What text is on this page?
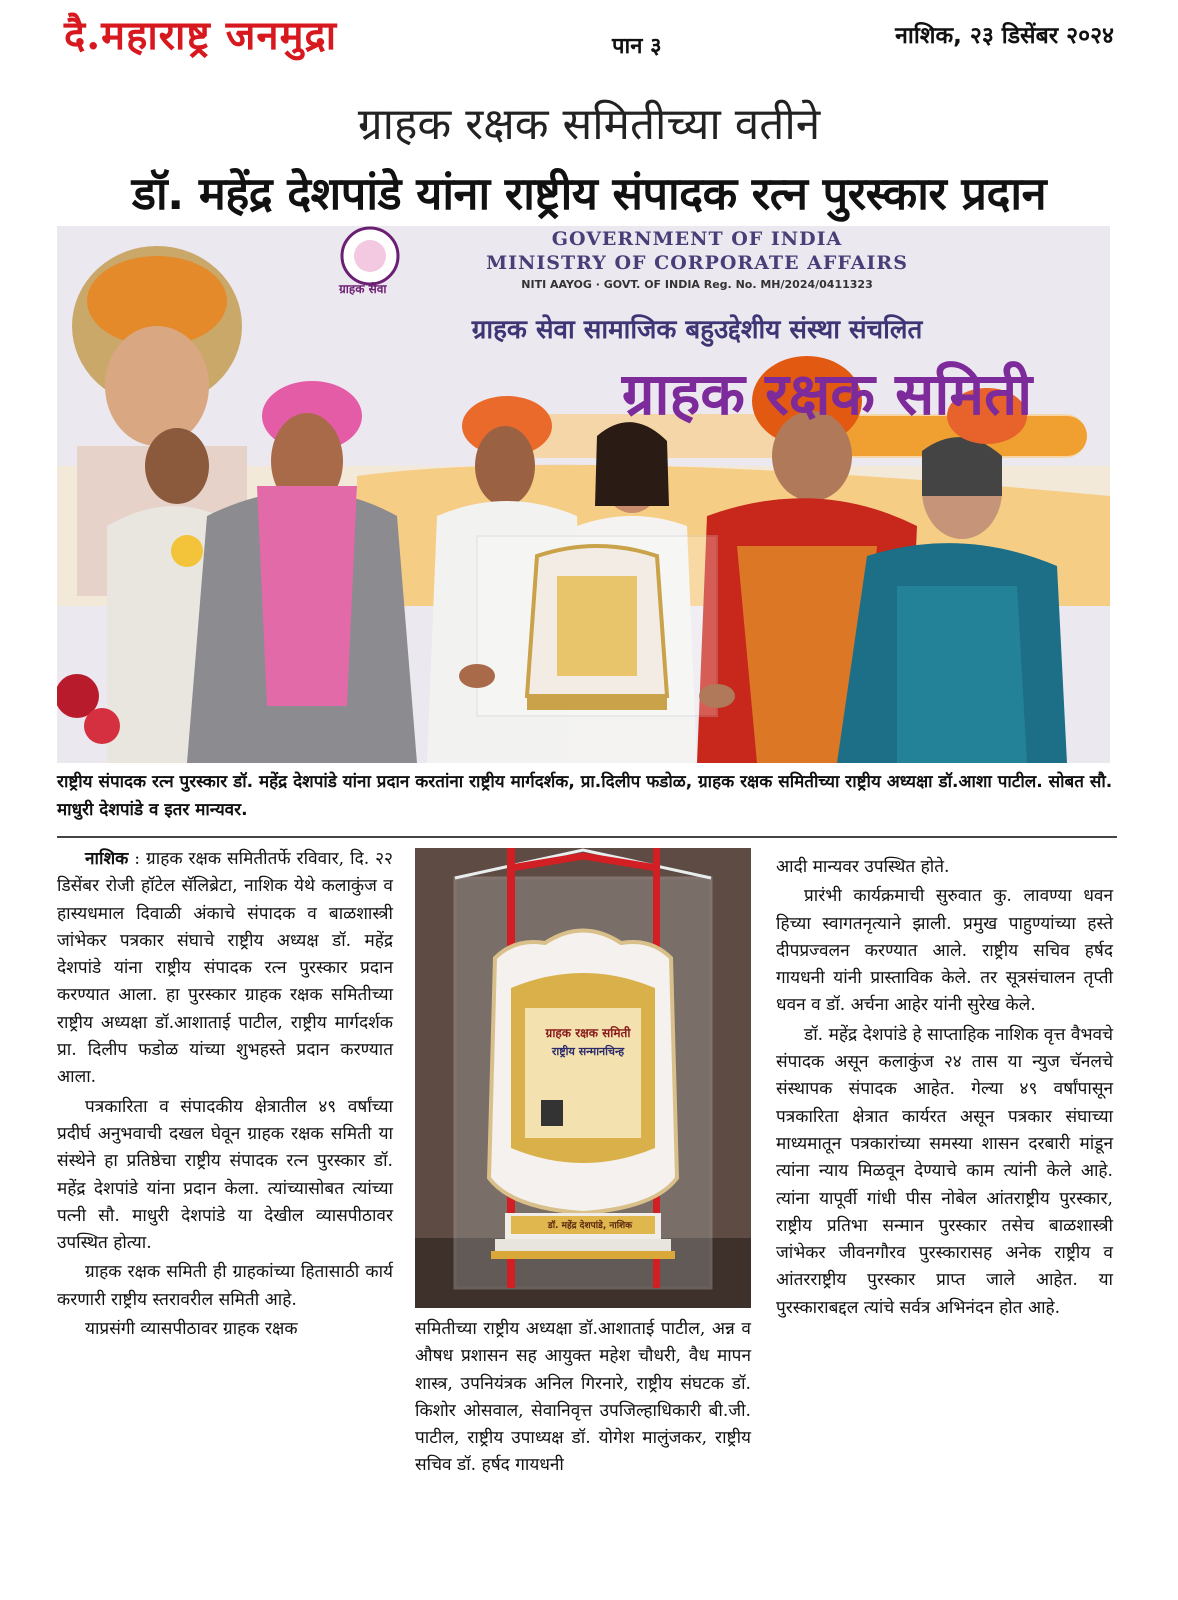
दै.महाराष्ट्र जनमुद्रा	पान ३	नाशिक, २३ डिसेंबर २०२४
ग्राहक रक्षक समितीच्या वतीने
डॉ. महेंद्र देशपांडे यांना राष्ट्रीय संपादक रत्न पुरस्कार प्रदान
GOVERNMENT OF INDIA
MINISTRY OF CORPORATE AFFAIRS
NITI AAYOG · GOVT. OF INDIA Reg. No. MH/2024/0411323
ग्राहक सेवा सामाजिक बहुउद्देशीय संस्था संचलित
ग्राहक रक्षक समिती
ग्राहक सेवा

राष्ट्रीय संपादक रत्न पुरस्कार डॉ. महेंद्र देशपांडे यांना प्रदान करतांना राष्ट्रीय मार्गदर्शक, प्रा.दिलीप फडोळ, ग्राहक रक्षक समितीच्या राष्ट्रीय अध्यक्षा डॉ.आशा पाटील. सोबत सौ. माधुरी देशपांडे व इतर मान्यवर.

नाशिक : ग्राहक रक्षक समितीतर्फे रविवार, दि. २२ डिसेंबर रोजी हॉटेल सॅलिब्रेटा, नाशिक येथे कलाकुंज व हास्यधमाल दिवाळी अंकाचे संपादक व बाळशास्त्री जांभेकर पत्रकार संघाचे राष्ट्रीय अध्यक्ष डॉ. महेंद्र देशपांडे यांना राष्ट्रीय संपादक रत्न पुरस्कार प्रदान करण्यात आला. हा पुरस्कार ग्राहक रक्षक समितीच्या राष्ट्रीय अध्यक्षा डॉ.आशाताई पाटील, राष्ट्रीय मार्गदर्शक प्रा. दिलीप फडोळ यांच्या शुभहस्ते प्रदान करण्यात आला.

पत्रकारिता व संपादकीय क्षेत्रातील ४९ वर्षांच्या प्रदीर्घ अनुभवाची दखल घेवून ग्राहक रक्षक समिती या संस्थेने हा प्रतिष्ठेचा राष्ट्रीय संपादक रत्न पुरस्कार डॉ. महेंद्र देशपांडे यांना प्रदान केला. त्यांच्यासोबत त्यांच्या पत्नी सौ. माधुरी देशपांडे या देखील व्यासपीठावर उपस्थित होत्या.

ग्राहक रक्षक समिती ही ग्राहकांच्या हितासाठी कार्य करणारी राष्ट्रीय स्तरावरील समिती आहे.

याप्रसंगी व्यासपीठावर ग्राहक रक्षक

ग्राहक रक्षक समिती
राष्ट्रीय सन्मानचिन्ह
डॉ. महेंद्र देशपांडे, नाशिक

समितीच्या राष्ट्रीय अध्यक्षा डॉ.आशाताई पाटील, अन्न व औषध प्रशासन सह आयुक्त महेश चौधरी, वैध मापन शास्त्र, उपनियंत्रक अनिल गिरनारे, राष्ट्रीय संघटक डॉ. किशोर ओसवाल, सेवानिवृत्त उपजिल्हाधिकारी बी.जी. पाटील, राष्ट्रीय उपाध्यक्ष डॉ. योगेश मालुंजकर, राष्ट्रीय सचिव डॉ. हर्षद गायधनी

आदी मान्यवर उपस्थित होते.

प्रारंभी कार्यक्रमाची सुरुवात कु. लावण्या धवन हिच्या स्वागतनृत्याने झाली. प्रमुख पाहुण्यांच्या हस्ते दीपप्रज्वलन करण्यात आले. राष्ट्रीय सचिव हर्षद गायधनी यांनी प्रास्ताविक केले. तर सूत्रसंचालन तृप्ती धवन व डॉ. अर्चना आहेर यांनी सुरेख केले.

डॉ. महेंद्र देशपांडे हे साप्ताहिक नाशिक वृत्त वैभवचे संपादक असून कलाकुंज २४ तास या न्युज चॅनलचे संस्थापक संपादक आहेत. गेल्या ४९ वर्षांपासून पत्रकारिता क्षेत्रात कार्यरत असून पत्रकार संघाच्या माध्यमातून पत्रकारांच्या समस्या शासन दरबारी मांडून त्यांना न्याय मिळवून देण्याचे काम त्यांनी केले आहे. त्यांना यापूर्वी गांधी पीस नोबेल आंतराष्ट्रीय पुरस्कार, राष्ट्रीय प्रतिभा सन्मान पुरस्कार तसेच बाळशास्त्री जांभेकर जीवनगौरव पुरस्कारासह अनेक राष्ट्रीय व आंतरराष्ट्रीय पुरस्कार प्राप्त जाले आहेत. या पुरस्काराबद्दल त्यांचे सर्वत्र अभिनंदन होत आहे.
